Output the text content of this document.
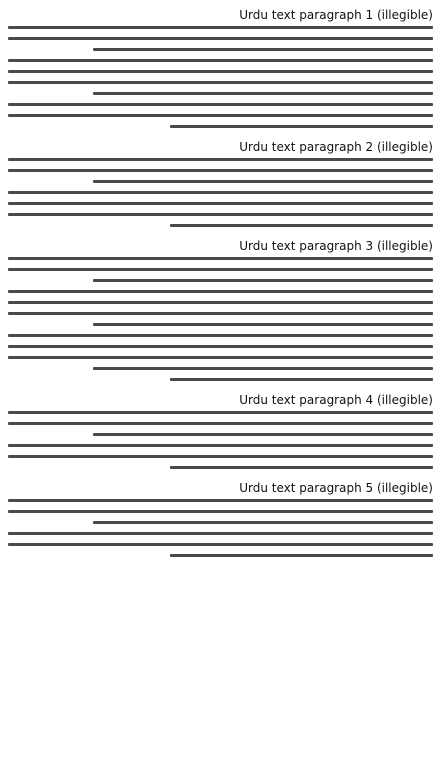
Urdu text paragraph 1 (illegible)

Urdu text paragraph 2 (illegible)

Urdu text paragraph 3 (illegible)

Urdu text paragraph 4 (illegible)

Urdu text paragraph 5 (illegible)
